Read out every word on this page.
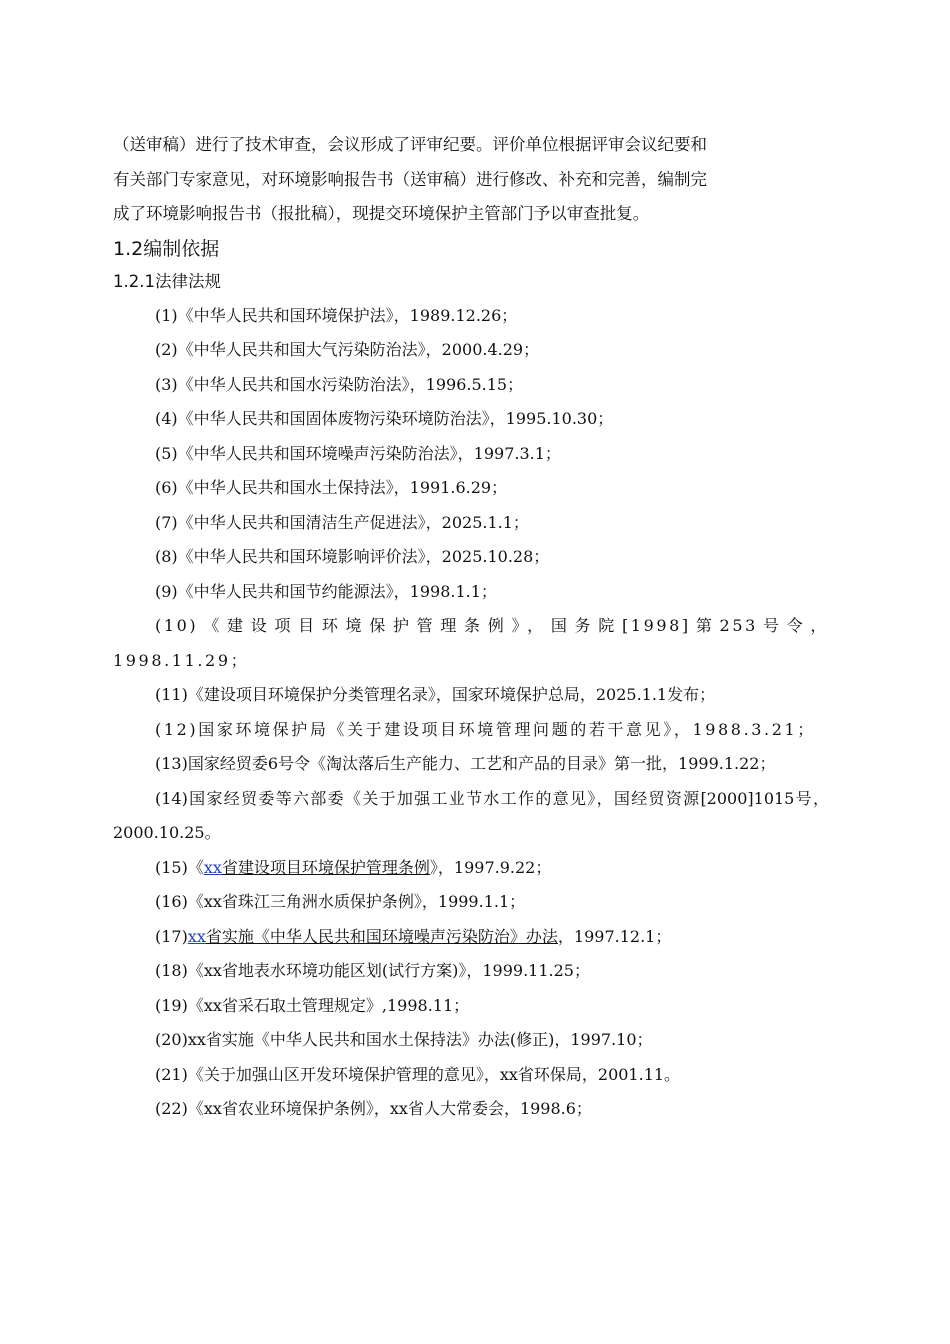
（送审稿）进行了技术审查，会议形成了评审纪要。评价单位根据评审会议纪要和

有关部门专家意见，对环境影响报告书（送审稿）进行修改、补充和完善，编制完

成了环境影响报告书（报批稿），现提交环境保护主管部门予以审查批复。

1.2编制依据
1.2.1法律法规

(1)《中华人民共和国环境保护法》，1989.12.26；

(2)《中华人民共和国大气污染防治法》，2000.4.29；

(3)《中华人民共和国水污染防治法》，1996.5.15；

(4)《中华人民共和国固体废物污染环境防治法》，1995.10.30；

(5)《中华人民共和国环境噪声污染防治法》，1997.3.1；

(6)《中华人民共和国水土保持法》，1991.6.29；

(7)《中华人民共和国清洁生产促进法》，2025.1.1；

(8)《中华人民共和国环境影响评价法》，2025.10.28；

(9)《中华人民共和国节约能源法》，1998.1.1；

(10)《建设项目环境保护管理条例》，国务院[1998]第253号令，1998.11.29；

(11)《建设项目环境保护分类管理名录》，国家环境保护总局，2025.1.1发布；

(12)国家环境保护局《关于建设项目环境管理问题的若干意见》，1988.3.21；

(13)国家经贸委6号令《淘汰落后生产能力、工艺和产品的目录》第一批，1999.1.22；

(14)国家经贸委等六部委《关于加强工业节水工作的意见》，国经贸资源[2000]1015号，2000.10.25。

(15)《xx省建设项目环境保护管理条例》，1997.9.22；

(16)《xx省珠江三角洲水质保护条例》，1999.1.1；

(17)xx省实施《中华人民共和国环境噪声污染防治》办法，1997.12.1；

(18)《xx省地表水环境功能区划(试行方案)》，1999.11.25；

(19)《xx省采石取土管理规定》,1998.11；

(20)xx省实施《中华人民共和国水土保持法》办法(修正)，1997.10；

(21)《关于加强山区开发环境保护管理的意见》，xx省环保局，2001.11。

(22)《xx省农业环境保护条例》，xx省人大常委会，1998.6；
